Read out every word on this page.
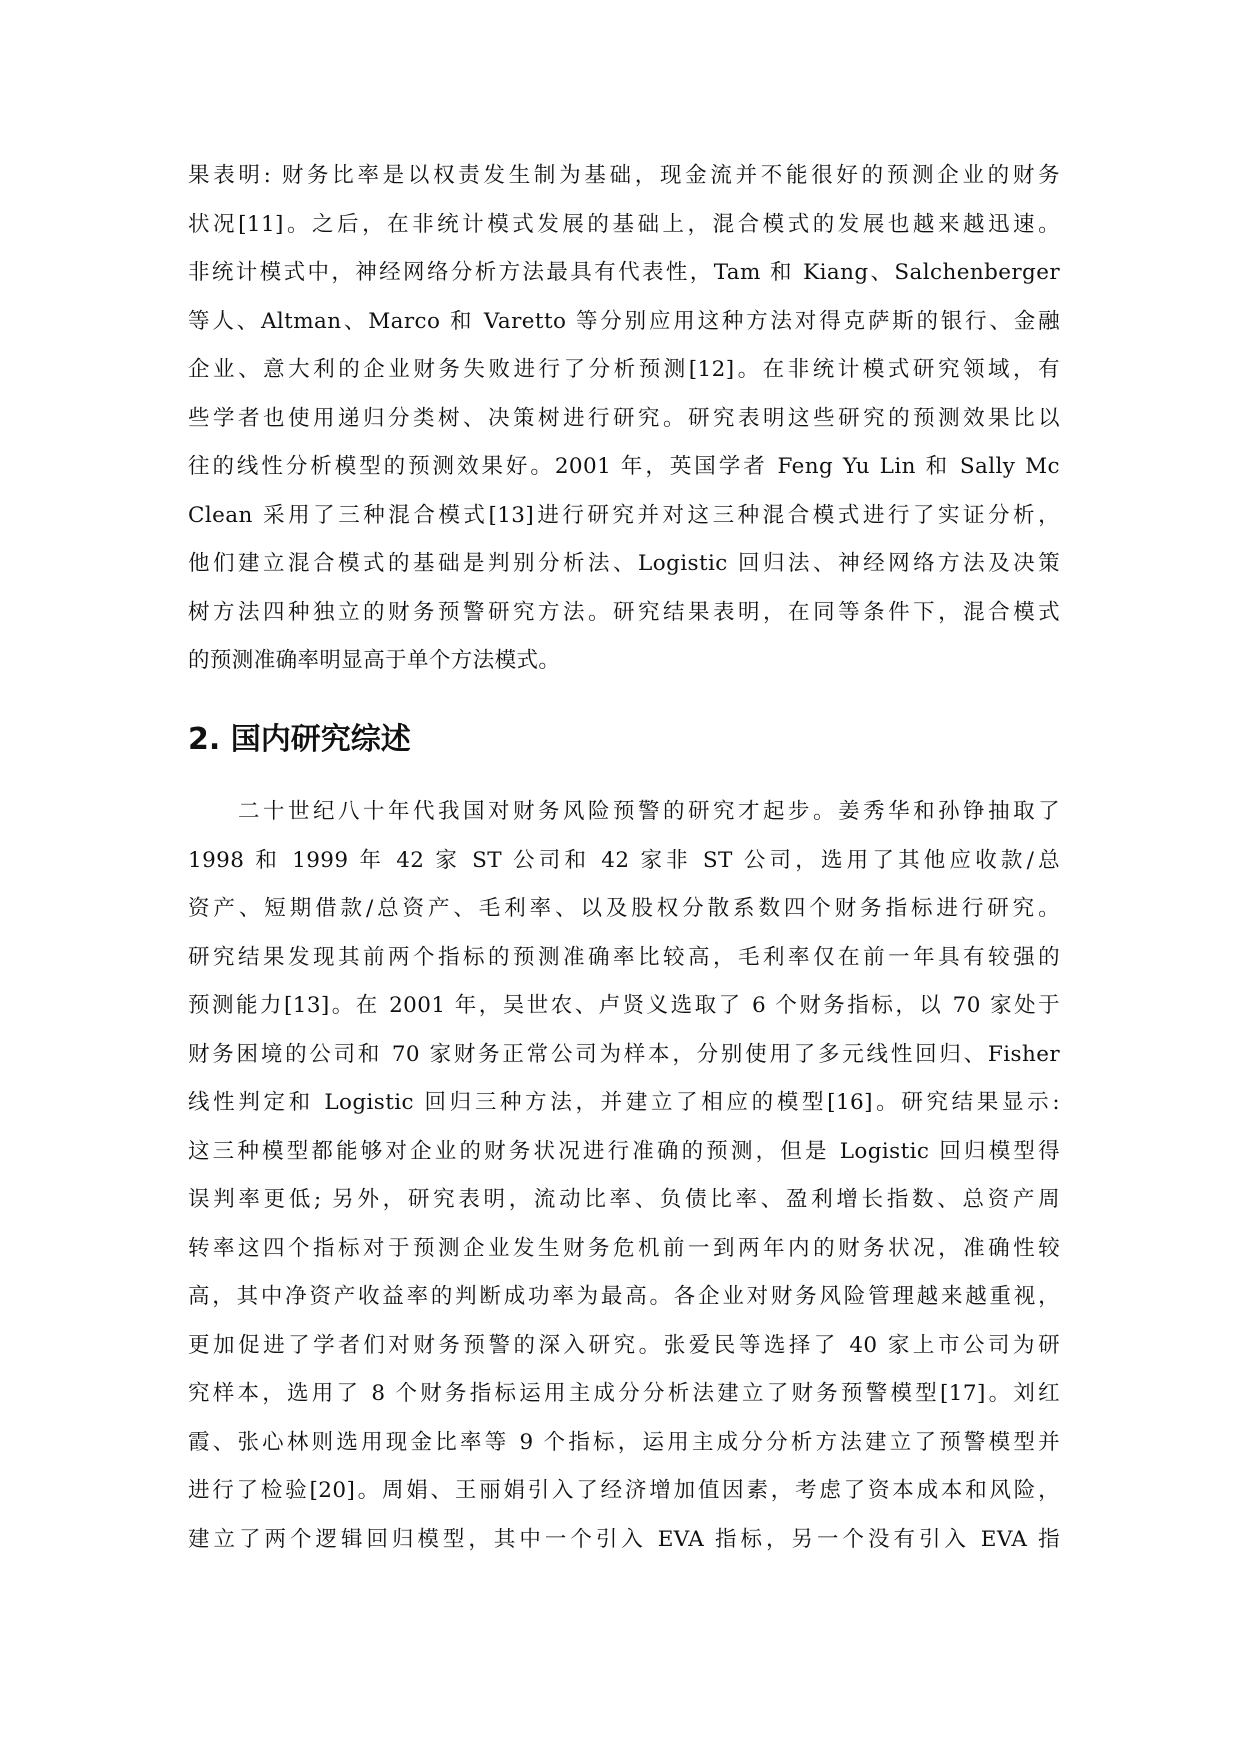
果表明: 财务比率是以权责发生制为基础，现金流并不能很好的预测企业的财务
状况[11]。之后，在非统计模式发展的基础上，混合模式的发展也越来越迅速。
非统计模式中，神经网络分析方法最具有代表性，Tam 和 Kiang、Salchenberger
等人、Altman、Marco 和 Varetto 等分别应用这种方法对得克萨斯的银行、金融
企业、意大利的企业财务失败进行了分析预测[12]。在非统计模式研究领域，有
些学者也使用递归分类树、决策树进行研究。研究表明这些研究的预测效果比以
往的线性分析模型的预测效果好。2001 年，英国学者 Feng Yu Lin 和 Sally Mc
Clean 采用了三种混合模式[13]进行研究并对这三种混合模式进行了实证分析，
他们建立混合模式的基础是判别分析法、Logistic 回归法、神经网络方法及决策
树方法四种独立的财务预警研究方法。研究结果表明，在同等条件下，混合模式
的预测准确率明显高于单个方法模式。
2. 国内研究综述
二十世纪八十年代我国对财务风险预警的研究才起步。姜秀华和孙铮抽取了
1998 和 1999 年 42 家 ST 公司和 42 家非 ST 公司，选用了其他应收款/总
资产、短期借款/总资产、毛利率、以及股权分散系数四个财务指标进行研究。
研究结果发现其前两个指标的预测准确率比较高，毛利率仅在前一年具有较强的
预测能力[13]。在 2001 年，吴世农、卢贤义选取了 6 个财务指标，以 70 家处于
财务困境的公司和 70 家财务正常公司为样本，分别使用了多元线性回归、Fisher
线性判定和 Logistic 回归三种方法，并建立了相应的模型[16]。研究结果显示:
这三种模型都能够对企业的财务状况进行准确的预测，但是 Logistic 回归模型得
误判率更低; 另外，研究表明，流动比率、负债比率、盈利增长指数、总资产周
转率这四个指标对于预测企业发生财务危机前一到两年内的财务状况，准确性较
高，其中净资产收益率的判断成功率为最高。各企业对财务风险管理越来越重视，
更加促进了学者们对财务预警的深入研究。张爱民等选择了 40 家上市公司为研
究样本，选用了 8 个财务指标运用主成分分析法建立了财务预警模型[17]。刘红
霞、张心林则选用现金比率等 9 个指标，运用主成分分析方法建立了预警模型并
进行了检验[20]。周娟、王丽娟引入了经济增加值因素，考虑了资本成本和风险，
建立了两个逻辑回归模型，其中一个引入 EVA 指标，另一个没有引入 EVA 指
